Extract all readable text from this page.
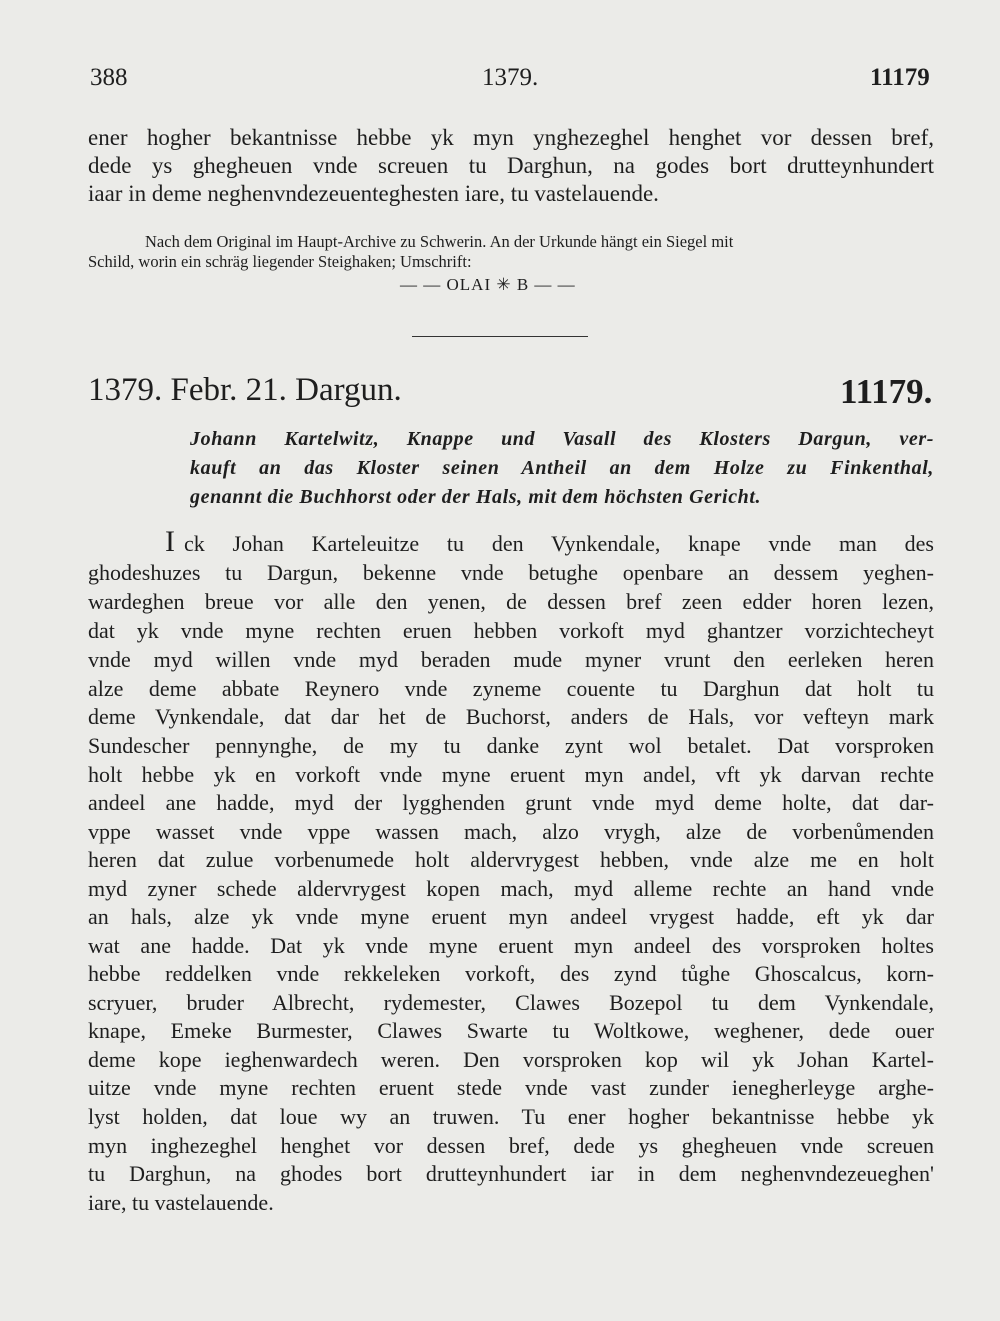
388	1379.	11179
ener hogher bekantnisse hebbe yk myn ynghezeghel henghet vor dessen bref,
dede ys ghegheuen vnde screuen tu Darghun, na godes bort drutteynhundert
iaar in deme neghenvndezeuenteghesten iare, tu vastelauende.
Nach dem Original im Haupt-Archive zu Schwerin. An der Urkunde hängt ein Siegel mit
Schild, worin ein schräg liegender Steighaken; Umschrift:
— — OLAI ✳ B — —
1379. Febr. 21. Dargun.	11179.
Johann Kartelwitz, Knappe und Vasall des Klosters Dargun, ver-
kauft an das Kloster seinen Antheil an dem Holze zu Finkenthal,
genannt die Buchhorst oder der Hals, mit dem höchsten Gericht.
I ck Johan Karteleuitze tu den Vynkendale, knape vnde man des
ghodeshuzes tu Dargun, bekenne vnde betughe openbare an dessem yeghen-
wardeghen breue vor alle den yenen, de dessen bref zeen edder horen lezen,
dat yk vnde myne rechten eruen hebben vorkoft myd ghantzer vorzichtecheyt
vnde myd willen vnde myd beraden mude myner vrunt den eerleken heren
alze deme abbate Reynero vnde zyneme couente tu Darghun dat holt tu
deme Vynkendale, dat dar het de Buchorst, anders de Hals, vor vefteyn mark
Sundescher pennynghe, de my tu danke zynt wol betalet. Dat vorsproken
holt hebbe yk en vorkoft vnde myne eruent myn andel, vft yk darvan rechte
andeel ane hadde, myd der lygghenden grunt vnde myd deme holte, dat dar-
vppe wasset vnde vppe wassen mach, alzo vrygh, alze de vorbenůmenden
heren dat zulue vorbenumede holt aldervrygest hebben, vnde alze me en holt
myd zyner schede aldervrygest kopen mach, myd alleme rechte an hand vnde
an hals, alze yk vnde myne eruent myn andeel vrygest hadde, eft yk dar
wat ane hadde. Dat yk vnde myne eruent myn andeel des vorsproken holtes
hebbe reddelken vnde rekkeleken vorkoft, des zynd tůghe Ghoscalcus, korn-
scryuer, bruder Albrecht, rydemester, Clawes Bozepol tu dem Vynkendale,
knape, Emeke Burmester, Clawes Swarte tu Woltkowe, weghener, dede ouer
deme kope ieghenwardech weren. Den vorsproken kop wil yk Johan Kartel-
uitze vnde myne rechten eruent stede vnde vast zunder ienegherleyge arghe-
lyst holden, dat loue wy an truwen. Tu ener hogher bekantnisse hebbe yk
myn inghezeghel henghet vor dessen bref, dede ys ghegheuen vnde screuen
tu Darghun, na ghodes bort drutteynhundert iar in dem neghenvndezeueghen'
iare, tu vastelauende.
